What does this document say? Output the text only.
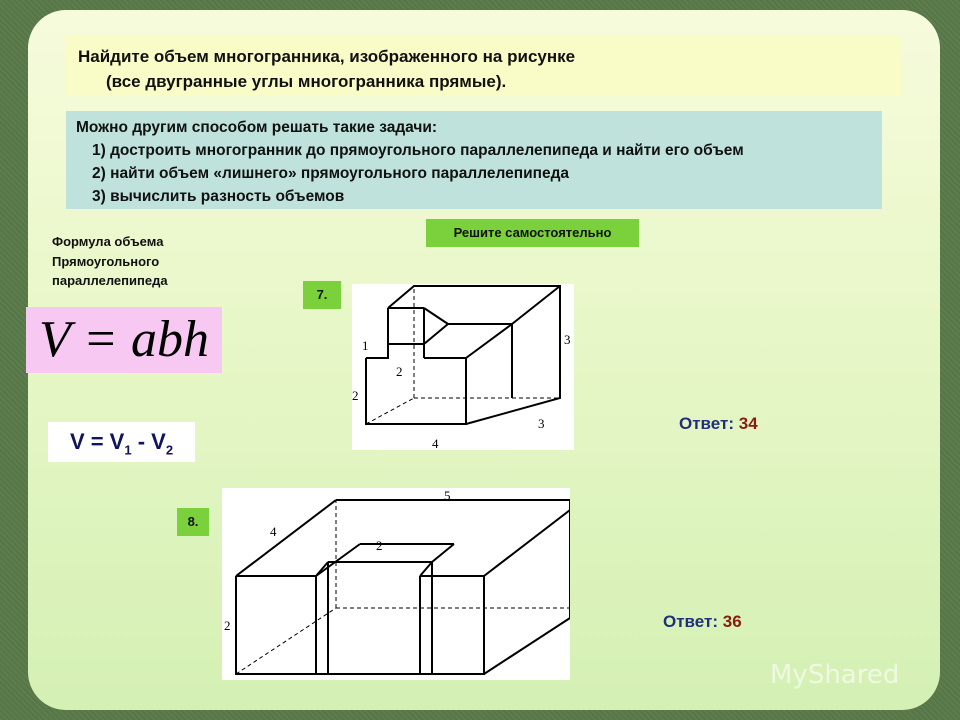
Найдите объем многогранника, изображенного на рисунке
(все двугранные углы многогранника прямые).
Можно другим способом решать такие задачи:
1) достроить многогранник до прямоугольного параллелепипеда и найти его объем
2) найти объем «лишнего» прямоугольного параллелепипеда
3) вычислить разность объемов
Формула объема
Прямоугольного
параллелепипеда
V = abh
$V = V_1 - V_2$
Решите самостоятельно
7.
1
2
2
3
3
4
Ответ: 34
8.
5
4
2
2	Ответ: 36
MyShared
